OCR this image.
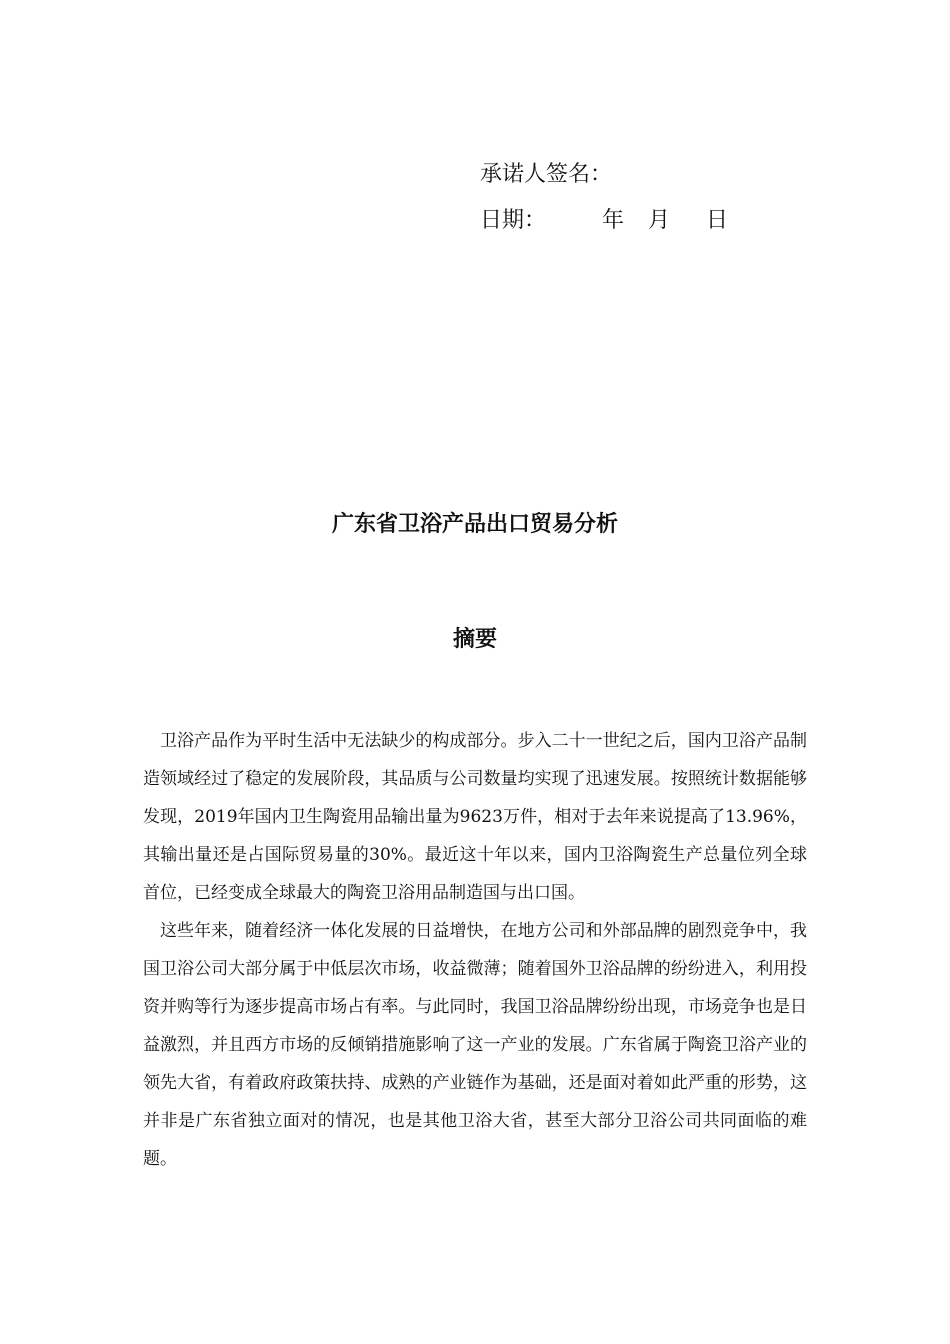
承诺人签名：
日期：	年 月 日
广东省卫浴产品出口贸易分析
摘要

卫浴产品作为平时生活中无法缺少的构成部分。步入二十一世纪之后，国内卫浴产品制造领域经过了稳定的发展阶段，其品质与公司数量均实现了迅速发展。按照统计数据能够发现，2019年国内卫生陶瓷用品输出量为9623万件，相对于去年来说提高了13.96%，其输出量还是占国际贸易量的30%。最近这十年以来，国内卫浴陶瓷生产总量位列全球首位，已经变成全球最大的陶瓷卫浴用品制造国与出口国。

这些年来，随着经济一体化发展的日益增快，在地方公司和外部品牌的剧烈竞争中，我国卫浴公司大部分属于中低层次市场，收益微薄；随着国外卫浴品牌的纷纷进入，利用投资并购等行为逐步提高市场占有率。与此同时，我国卫浴品牌纷纷出现，市场竞争也是日益激烈，并且西方市场的反倾销措施影响了这一产业的发展。广东省属于陶瓷卫浴产业的领先大省，有着政府政策扶持、成熟的产业链作为基础，还是面对着如此严重的形势，这并非是广东省独立面对的情况，也是其他卫浴大省，甚至大部分卫浴公司共同面临的难题。
